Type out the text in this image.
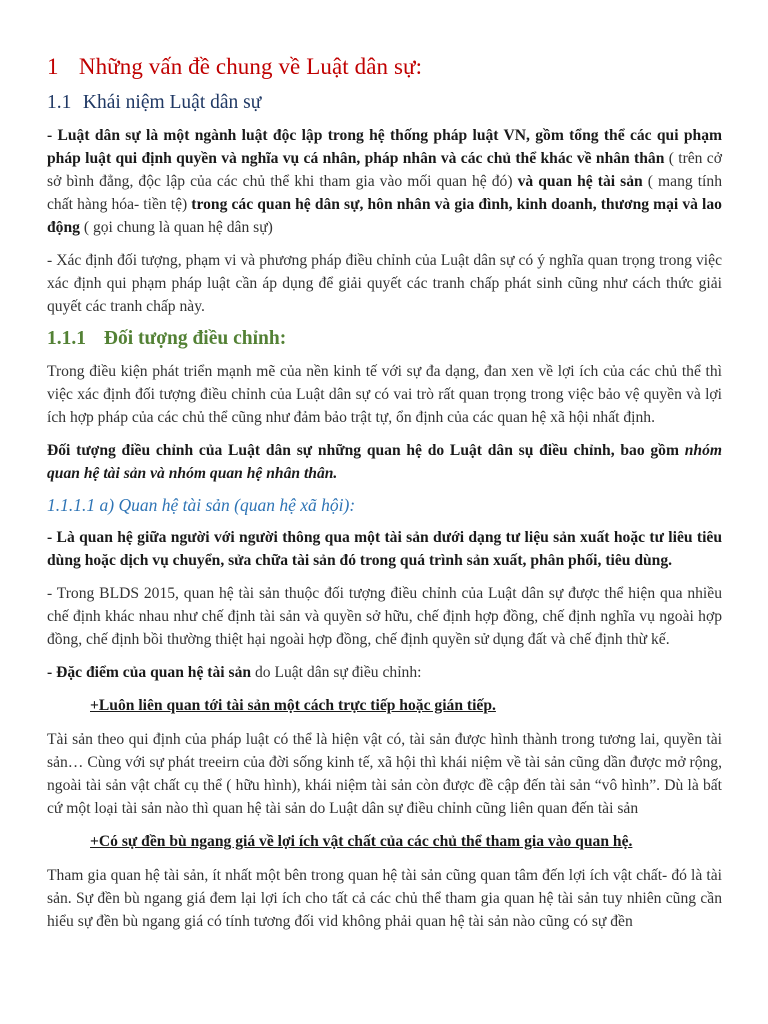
1 Những vấn đề chung về Luật dân sự:
1.1 Khái niệm Luật dân sự

- Luật dân sự là một ngành luật độc lập trong hệ thống pháp luật VN, gồm tổng thể các qui phạm pháp luật qui định quyền và nghĩa vụ cá nhân, pháp nhân và các chủ thể khác về nhân thân ( trên cở sở bình đẳng, độc lập của các chủ thể khi tham gia vào mối quan hệ đó) và quan hệ tài sản ( mang tính chất hàng hóa- tiền tệ) trong các quan hệ dân sự, hôn nhân và gia đình, kinh doanh, thương mại và lao động ( gọi chung là quan hệ dân sự)

- Xác định đối tượng, phạm vi và phương pháp điều chỉnh của Luật dân sự có ý nghĩa quan trọng trong việc xác định qui phạm pháp luật cần áp dụng để giải quyết các tranh chấp phát sinh cũng như cách thức giải quyết các tranh chấp này.

1.1.1 Đối tượng điều chỉnh:

Trong điều kiện phát triển mạnh mẽ của nền kinh tế với sự đa dạng, đan xen về lợi ích của các chủ thể thì việc xác định đối tượng điều chỉnh của Luật dân sự có vai trò rất quan trọng trong việc bảo vệ quyền và lợi ích hợp pháp của các chủ thể cũng như đảm bảo trật tự, ổn định của các quan hệ xã hội nhất định.

Đối tượng điều chỉnh của Luật dân sự những quan hệ do Luật dân sụ điều chỉnh, bao gồm nhóm quan hệ tài sản và nhóm quan hệ nhân thân.

1.1.1.1 a) Quan hệ tài sản (quan hệ xã hội):

- Là quan hệ giữa người với người thông qua một tài sản dưới dạng tư liệu sản xuất hoặc tư liêu tiêu dùng hoặc dịch vụ chuyển, sửa chữa tài sản đó trong quá trình sản xuất, phân phối, tiêu dùng.

- Trong BLDS 2015, quan hệ tài sản thuộc đối tượng điều chỉnh của Luật dân sự được thể hiện qua nhiều chế định khác nhau như chế định tài sản và quyền sở hữu, chế định hợp đồng, chế định nghĩa vụ ngoài hợp đồng, chế định bồi thường thiệt hại ngoài hợp đồng, chế định quyền sử dụng đất và chế định thừ kế.

- Đặc điểm của quan hệ tài sản do Luật dân sự điều chỉnh:

+Luôn liên quan tới tài sản một cách trực tiếp hoặc gián tiếp.

Tài sản theo qui định của pháp luật có thể là hiện vật có, tài sản được hình thành trong tương lai, quyền tài sản… Cùng với sự phát treeirn của đời sống kinh tế, xã hội thì khái niệm về tài sản cũng dần được mở rộng, ngoài tài sản vật chất cụ thể ( hữu hình), khái niệm tài sản còn được đề cập đến tài sản “vô hình”. Dù là bất cứ một loại tài sản nào thì quan hệ tài sản do Luật dân sự điều chỉnh cũng liên quan đến tài sản

+Có sự đền bù ngang giá về lợi ích vật chất của các chủ thể tham gia vào quan hệ.

Tham gia quan hệ tài sản, ít nhất một bên trong quan hệ tài sản cũng quan tâm đến lợi ích vật chất- đó là tài sản. Sự đền bù ngang giá đem lại lợi ích cho tất cả các chủ thể tham gia quan hệ tài sản tuy nhiên cũng cần hiểu sự đền bù ngang giá có tính tương đối vid không phải quan hệ tài sản nào cũng có sự đền
